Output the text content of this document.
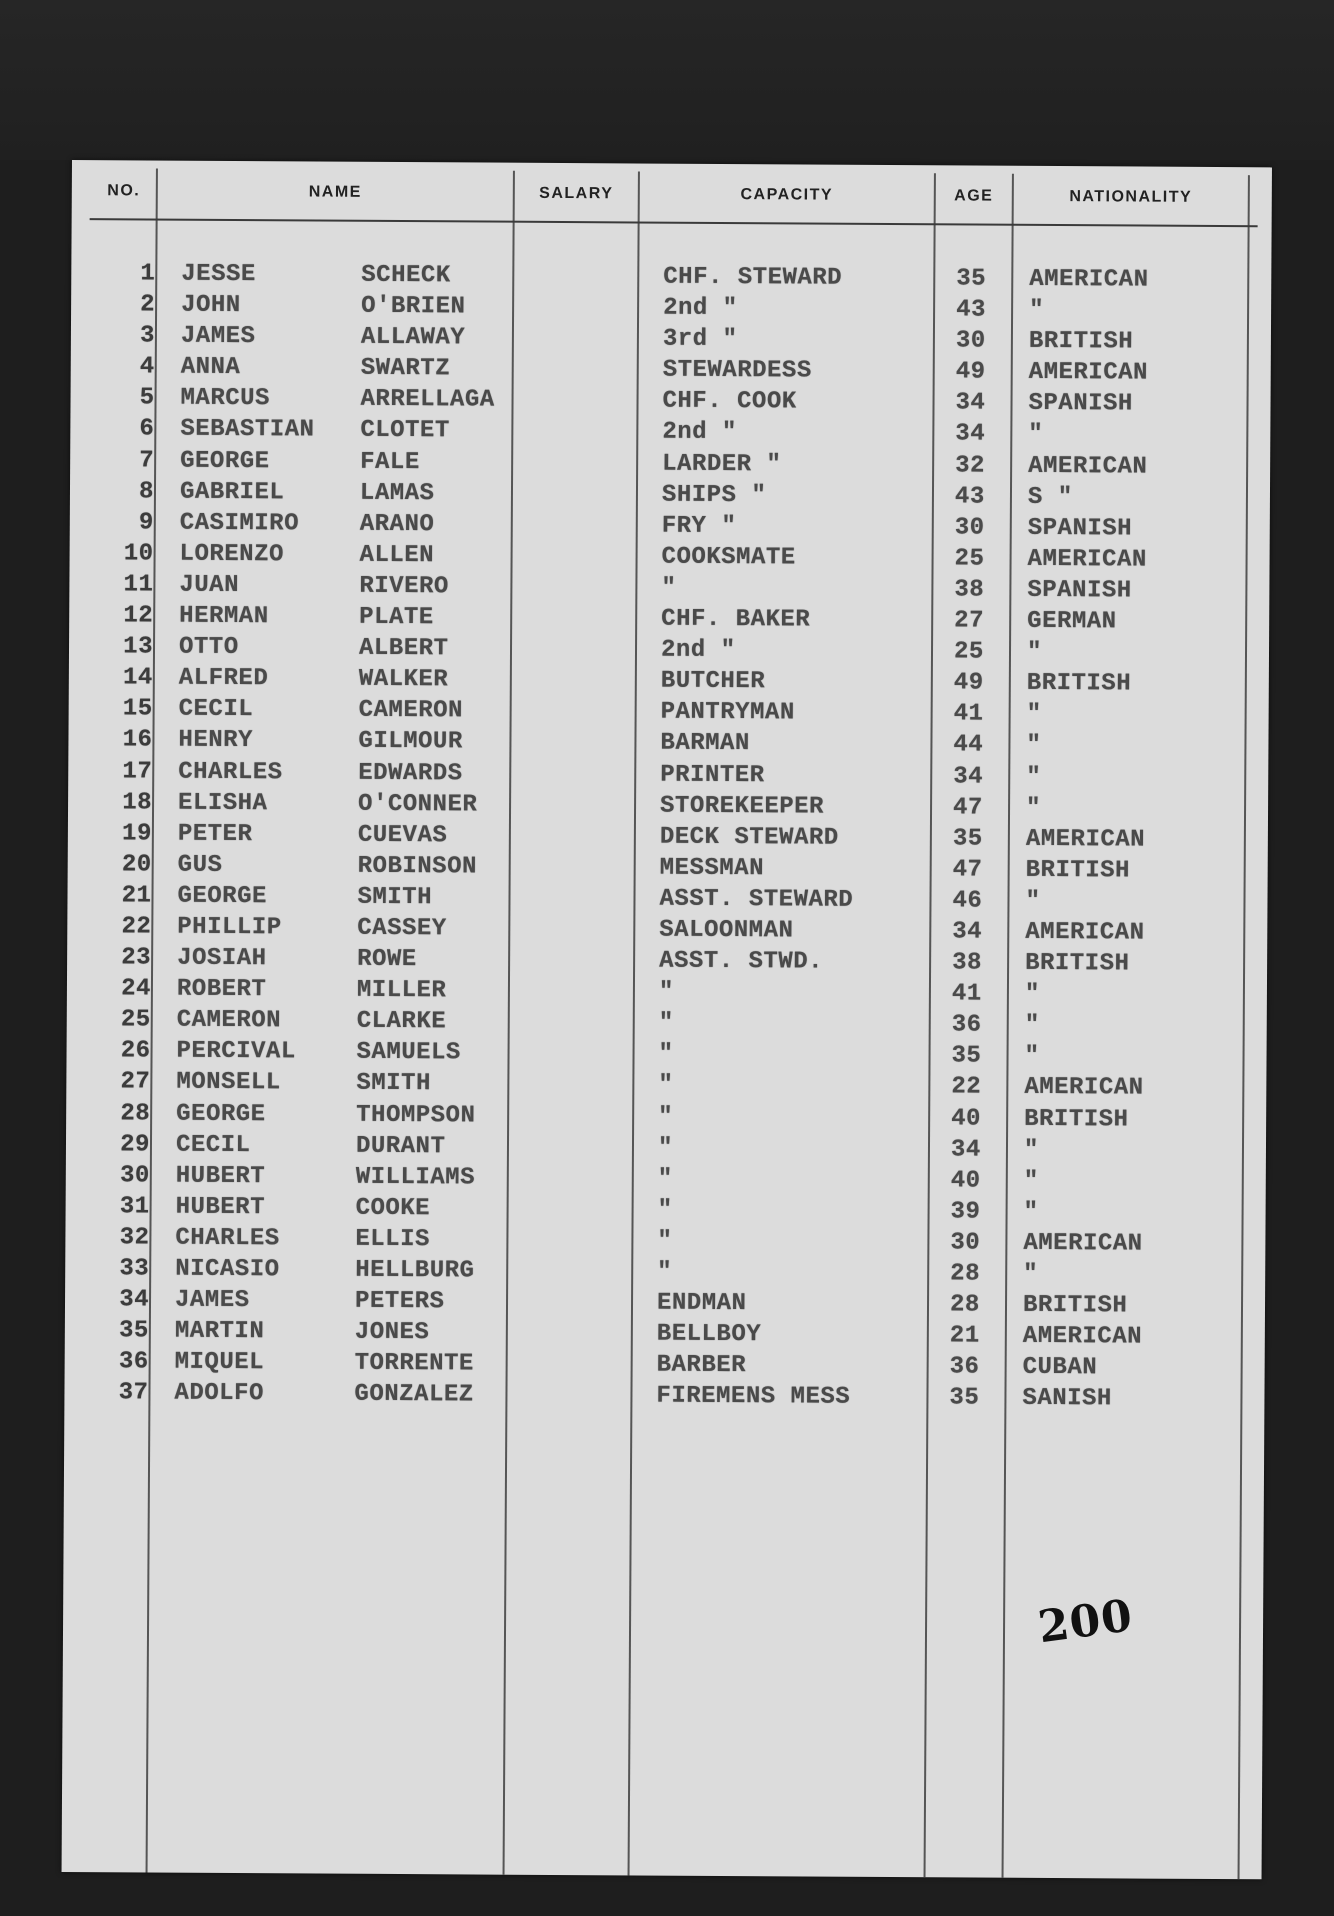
NO.	NAME	SALARY	CAPACITY	AGE	NATIONALITY
1 JESSE	SCHECK	CHF. STEWARD	35 AMERICAN
2 JOHN	O'BRIEN	2nd "	43 "
3 JAMES	ALLAWAY	3rd "	30 BRITISH
4 ANNA	SWARTZ	STEWARDESS	49 AMERICAN
5 MARCUS	ARRELLAGA	CHF. COOK	34 SPANISH
6 SEBASTIAN CLOTET	2nd "	34 "
7 GEORGE	FALE	LARDER "	32 AMERICAN
8 GABRIEL	LAMAS	SHIPS "	43 S "
9 CASIMIRO	ARANO	FRY "	30 SPANISH
10 LORENZO	ALLEN	COOKSMATE	25 AMERICAN
11 JUAN	RIVERO	"	38 SPANISH
12 HERMAN	PLATE	CHF. BAKER	27 GERMAN
13 OTTO	ALBERT	2nd "	25 "
14 ALFRED	WALKER	BUTCHER	49 BRITISH
15 CECIL	CAMERON	PANTRYMAN	41 "
16 HENRY	GILMOUR	BARMAN	44 "
17 CHARLES	EDWARDS	PRINTER	34 "
18 ELISHA	O'CONNER	STOREKEEPER	47 "
19 PETER	CUEVAS	DECK STEWARD	35 AMERICAN
20 GUS	ROBINSON	MESSMAN	47 BRITISH
21 GEORGE	SMITH	ASST. STEWARD	46 "
22 PHILLIP	CASSEY	SALOONMAN	34 AMERICAN
23 JOSIAH	ROWE	ASST. STWD.	38 BRITISH
24 ROBERT	MILLER	"	41 "
25 CAMERON	CLARKE	"	36 "
26 PERCIVAL	SAMUELS	"	35 "
27 MONSELL	SMITH	"	22 AMERICAN
28 GEORGE	THOMPSON	"	40 BRITISH
29 CECIL	DURANT	"	34 "
30 HUBERT	WILLIAMS	"	40 "
31 HUBERT	COOKE	"	39 "
32 CHARLES	ELLIS	"	30 AMERICAN
33 NICASIO	HELLBURG	"	28 "
34 JAMES	PETERS	ENDMAN	28 BRITISH
35 MARTIN	JONES	BELLBOY	21 AMERICAN
36 MIQUEL	TORRENTE	BARBER	36 CUBAN
37 ADOLFO	GONZALEZ	FIREMENS MESS	35 SANISH
200
